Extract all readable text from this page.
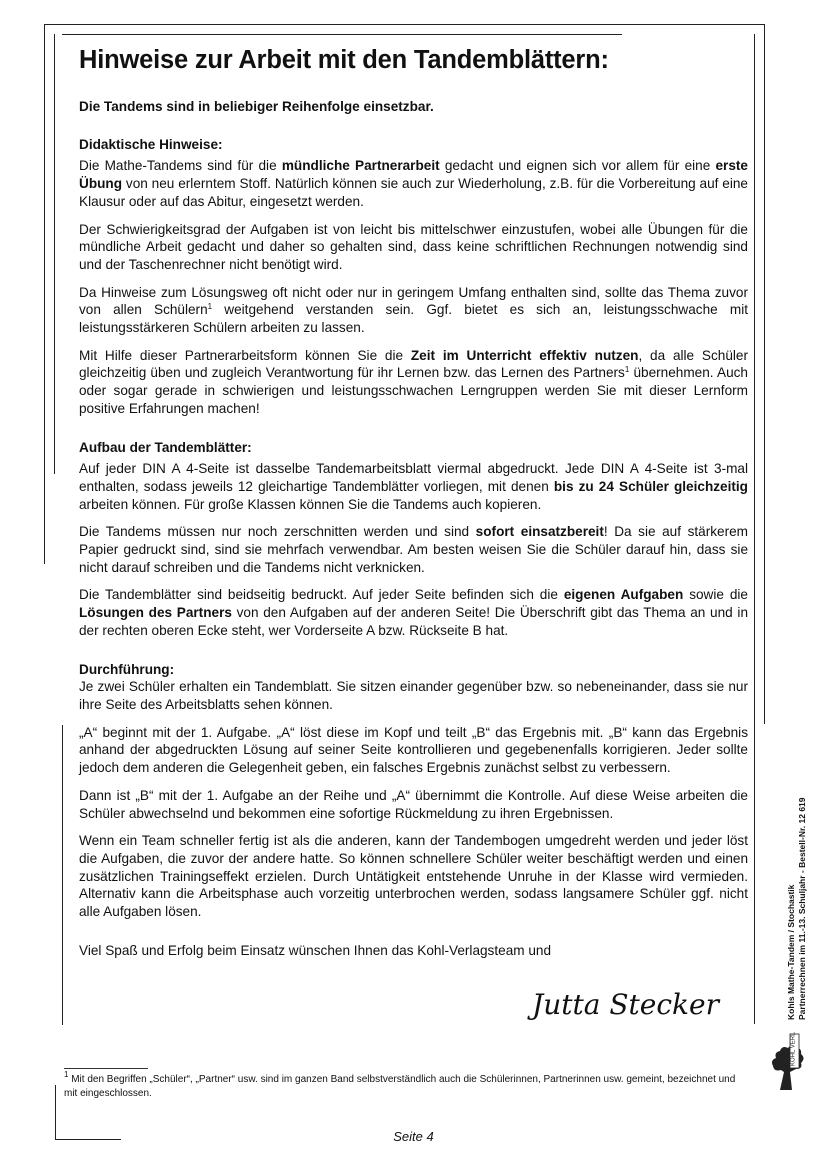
Hinweise zur Arbeit mit den Tandemblättern:

Die Tandems sind in beliebiger Reihenfolge einsetzbar.

Didaktische Hinweise:

Die Mathe-Tandems sind für die mündliche Partnerarbeit gedacht und eignen sich vor allem für eine erste Übung von neu erlerntem Stoff. Natürlich können sie auch zur Wiederholung, z.B. für die Vorbereitung auf eine Klausur oder auf das Abitur, eingesetzt werden.

Der Schwierigkeitsgrad der Aufgaben ist von leicht bis mittelschwer einzustufen, wobei alle Übungen für die mündliche Arbeit gedacht und daher so gehalten sind, dass keine schriftlichen Rechnungen notwendig sind und der Taschenrechner nicht benötigt wird.

Da Hinweise zum Lösungsweg oft nicht oder nur in geringem Umfang enthalten sind, sollte das Thema zuvor von allen Schülern$^1$ weitgehend verstanden sein. Ggf. bietet es sich an, leistungsschwache mit leistungsstärkeren Schülern arbeiten zu lassen.

Mit Hilfe dieser Partnerarbeitsform können Sie die Zeit im Unterricht effektiv nutzen, da alle Schüler gleichzeitig üben und zugleich Verantwortung für ihr Lernen bzw. das Lernen des Partners$^1$ übernehmen. Auch oder sogar gerade in schwierigen und leistungsschwachen Lerngruppen werden Sie mit dieser Lernform positive Erfahrungen machen!

Aufbau der Tandemblätter:

Auf jeder DIN A 4-Seite ist dasselbe Tandemarbeitsblatt viermal abgedruckt. Jede DIN A 4-Seite ist 3-mal enthalten, sodass jeweils 12 gleichartige Tandemblätter vorliegen, mit denen bis zu 24 Schüler gleichzeitig arbeiten können. Für große Klassen können Sie die Tandems auch kopieren.

Die Tandems müssen nur noch zerschnitten werden und sind sofort einsatzbereit! Da sie auf stärkerem Papier gedruckt sind, sind sie mehrfach verwendbar. Am besten weisen Sie die Schüler darauf hin, dass sie nicht darauf schreiben und die Tandems nicht verknicken.

Die Tandemblätter sind beidseitig bedruckt. Auf jeder Seite befinden sich die eigenen Aufgaben sowie die Lösungen des Partners von den Aufgaben auf der anderen Seite! Die Überschrift gibt das Thema an und in der rechten oberen Ecke steht, wer Vorderseite A bzw. Rückseite B hat.

Durchführung:

Je zwei Schüler erhalten ein Tandemblatt. Sie sitzen einander gegenüber bzw. so nebeneinander, dass sie nur ihre Seite des Arbeitsblatts sehen können.

„A“ beginnt mit der 1. Aufgabe. „A“ löst diese im Kopf und teilt „B“ das Ergebnis mit. „B“ kann das Ergebnis anhand der abgedruckten Lösung auf seiner Seite kontrollieren und gegebenenfalls korrigieren. Jeder sollte jedoch dem anderen die Gelegenheit geben, ein falsches Ergebnis zunächst selbst zu verbessern.

Dann ist „B“ mit der 1. Aufgabe an der Reihe und „A“ übernimmt die Kontrolle. Auf diese Weise arbeiten die Schüler abwechselnd und bekommen eine sofortige Rückmeldung zu ihren Ergebnissen.

Wenn ein Team schneller fertig ist als die anderen, kann der Tandembogen umgedreht werden und jeder löst die Aufgaben, die zuvor der andere hatte. So können schnellere Schüler weiter beschäftigt werden und einen zusätzlichen Trainingseffekt erzielen. Durch Untätigkeit entstehende Unruhe in der Klasse wird vermieden. Alternativ kann die Arbeitsphase auch vorzeitig unterbrochen werden, sodass langsamere Schüler ggf. nicht alle Aufgaben lösen.

Viel Spaß und Erfolg beim Einsatz wünschen Ihnen das Kohl-Verlagsteam und

Jutta Stecker
$^1$ Mit den Begriffen „Schüler“, „Partner“ usw. sind im ganzen Band selbstverständlich auch die Schülerinnen, Partnerinnen usw. gemeint, bezeichnet und mit eingeschlossen.
Seite 4
Kohls Mathe-Tandem / Stochastik Partnerrechnen im 11.-13. Schuljahr - Bestell-Nr. 12 619
KOHL VERLAG
